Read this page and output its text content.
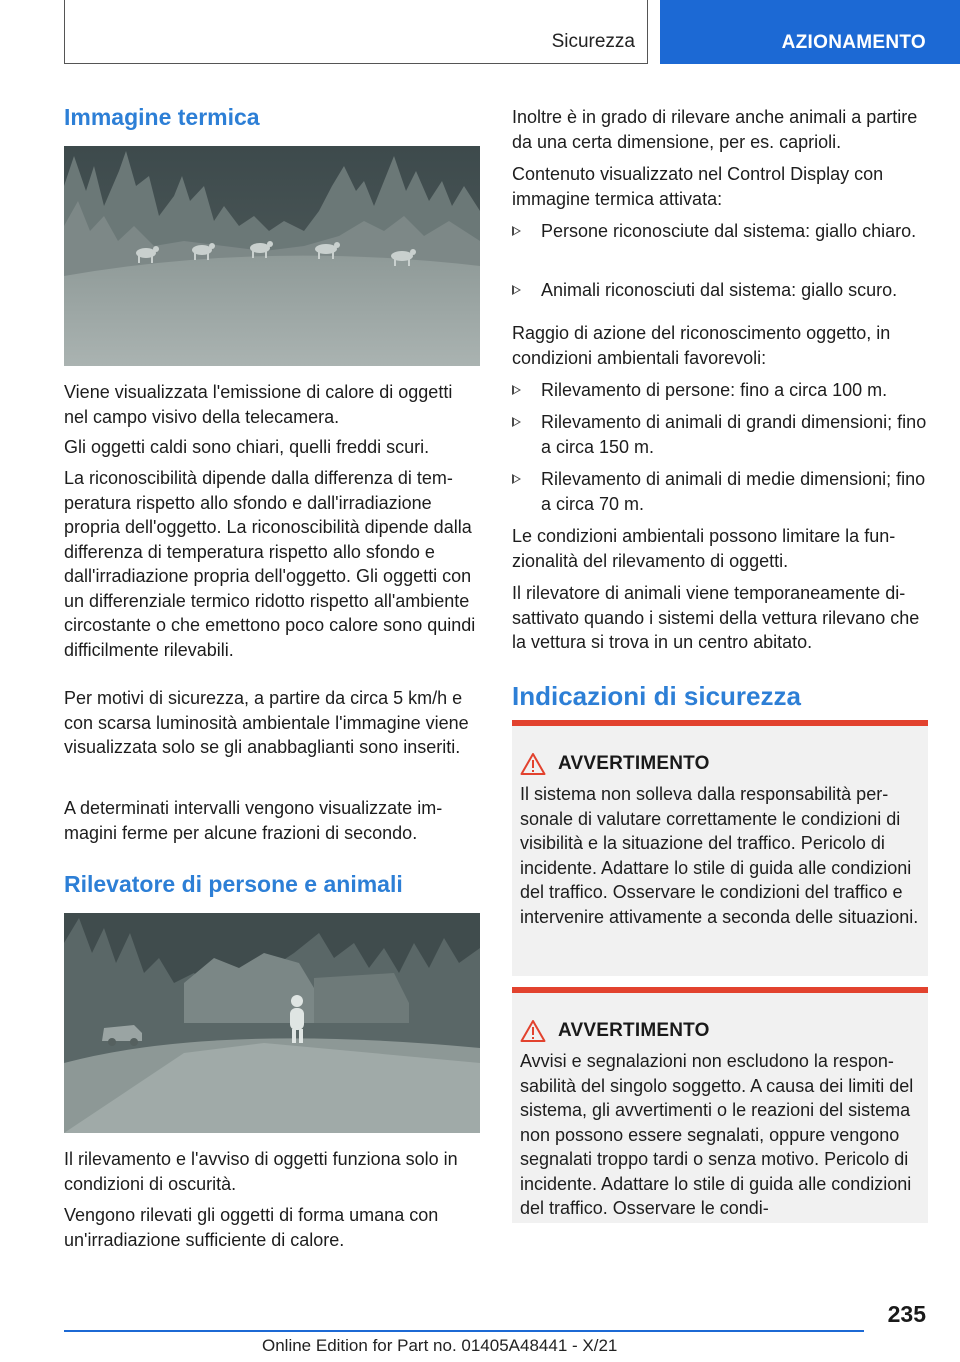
Sicurezza	AZIONAMENTO
Immagine termica

Viene visualizzata l'emissione di calore di oggetti nel campo visivo della telecamera.

Gli oggetti caldi sono chiari, quelli freddi scuri.

La riconoscibilità dipende dalla differenza di temperatura rispetto allo sfondo e dall'irradiazione propria dell'oggetto. La riconoscibilità dipende dalla differenza di temperatura rispetto allo sfondo e dall'irradiazione propria dell'oggetto. Gli oggetti con un differenziale termico ridotto rispetto all'ambiente circostante o che emettono poco calore sono quindi difficilmente rilevabili.

Per motivi di sicurezza, a partire da circa 5 km/h e con scarsa luminosità ambientale l'immagine viene visualizzata solo se gli anabbaglianti sono inseriti.

A determinati intervalli vengono visualizzate immagini ferme per alcune frazioni di secondo.

Rilevatore di persone e animali

Il rilevamento e l'avviso di oggetti funziona solo in condizioni di oscurità.

Vengono rilevati gli oggetti di forma umana con un'irradiazione sufficiente di calore.

Inoltre è in grado di rilevare anche animali a partire da una certa dimensione, per es. caprioli.

Contenuto visualizzato nel Control Display con immagine termica attivata:

Persone riconosciute dal sistema: giallo chiaro.
Animali riconosciuti dal sistema: giallo scuro.

Raggio di azione del riconoscimento oggetto, in condizioni ambientali favorevoli:

Rilevamento di persone: fino a circa 100 m.
Rilevamento di animali di grandi dimensioni; fino a circa 150 m.
Rilevamento di animali di medie dimensioni; fino a circa 70 m.

Le condizioni ambientali possono limitare la funzionalità del rilevamento di oggetti.

Il rilevatore di animali viene temporaneamente disattivato quando i sistemi della vettura rilevano che la vettura si trova in un centro abitato.

Indicazioni di sicurezza
AVVERTIMENTO
Il sistema non solleva dalla responsabilità personale di valutare correttamente le condizioni di visibilità e la situazione del traffico. Pericolo di incidente. Adattare lo stile di guida alle condizioni del traffico. Osservare le condizioni del traffico e intervenire attivamente a seconda delle situazioni.
AVVERTIMENTO
Avvisi e segnalazioni non escludono la responsabilità del singolo soggetto. A causa dei limiti del sistema, gli avvertimenti o le reazioni del sistema non possono essere segnalati, oppure vengono segnalati troppo tardi o senza motivo. Pericolo di incidente. Adattare lo stile di guida alle condizioni del traffico. Osservare le condi-
235
Online Edition for Part no. 01405A48441 - X/21
